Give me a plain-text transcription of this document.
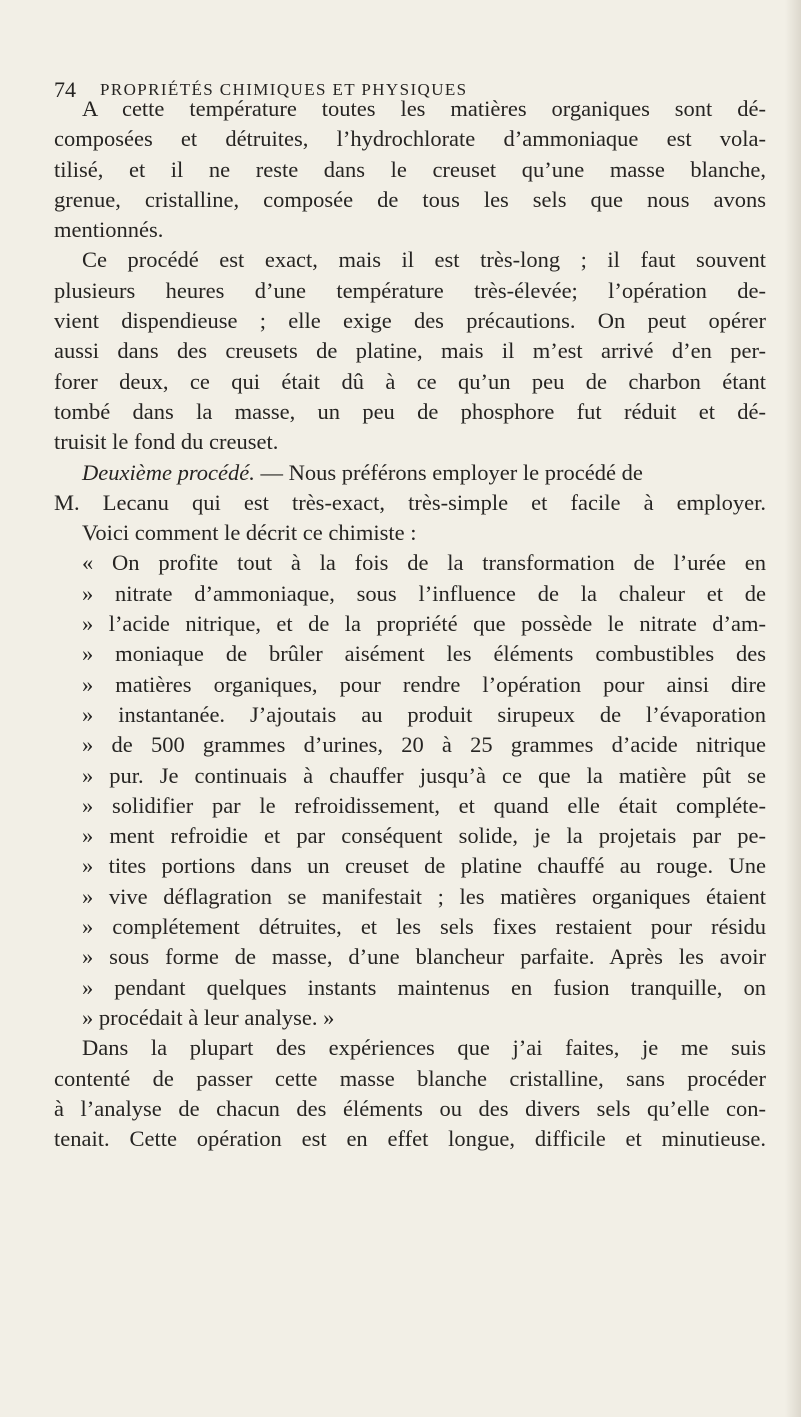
74 PROPRIÉTÉS CHIMIQUES ET PHYSIQUES
A cette température toutes les matières organiques sont dé-
composées et détruites, l’hydrochlorate d’ammoniaque est vola-
tilisé, et il ne reste dans le creuset qu’une masse blanche,
grenue, cristalline, composée de tous les sels que nous avons
mentionnés.
Ce procédé est exact, mais il est très-long ; il faut souvent
plusieurs heures d’une température très-élevée; l’opération de-
vient dispendieuse ; elle exige des précautions. On peut opérer
aussi dans des creusets de platine, mais il m’est arrivé d’en per-
forer deux, ce qui était dû à ce qu’un peu de charbon étant
tombé dans la masse, un peu de phosphore fut réduit et dé-
truisit le fond du creuset.
Deuxième procédé. — Nous préférons employer le procédé de
M. Lecanu qui est très-exact, très-simple et facile à employer.
Voici comment le décrit ce chimiste :
« On profite tout à la fois de la transformation de l’urée en
» nitrate d’ammoniaque, sous l’influence de la chaleur et de
» l’acide nitrique, et de la propriété que possède le nitrate d’am-
» moniaque de brûler aisément les éléments combustibles des
» matières organiques, pour rendre l’opération pour ainsi dire
» instantanée. J’ajoutais au produit sirupeux de l’évaporation
» de 500 grammes d’urines, 20 à 25 grammes d’acide nitrique
» pur. Je continuais à chauffer jusqu’à ce que la matière pût se
» solidifier par le refroidissement, et quand elle était compléte-
» ment refroidie et par conséquent solide, je la projetais par pe-
» tites portions dans un creuset de platine chauffé au rouge. Une
» vive déflagration se manifestait ; les matières organiques étaient
» complétement détruites, et les sels fixes restaient pour résidu
» sous forme de masse, d’une blancheur parfaite. Après les avoir
» pendant quelques instants maintenus en fusion tranquille, on
» procédait à leur analyse. »
Dans la plupart des expériences que j’ai faites, je me suis
contenté de passer cette masse blanche cristalline, sans procéder
à l’analyse de chacun des éléments ou des divers sels qu’elle con-
tenait. Cette opération est en effet longue, difficile et minutieuse.
